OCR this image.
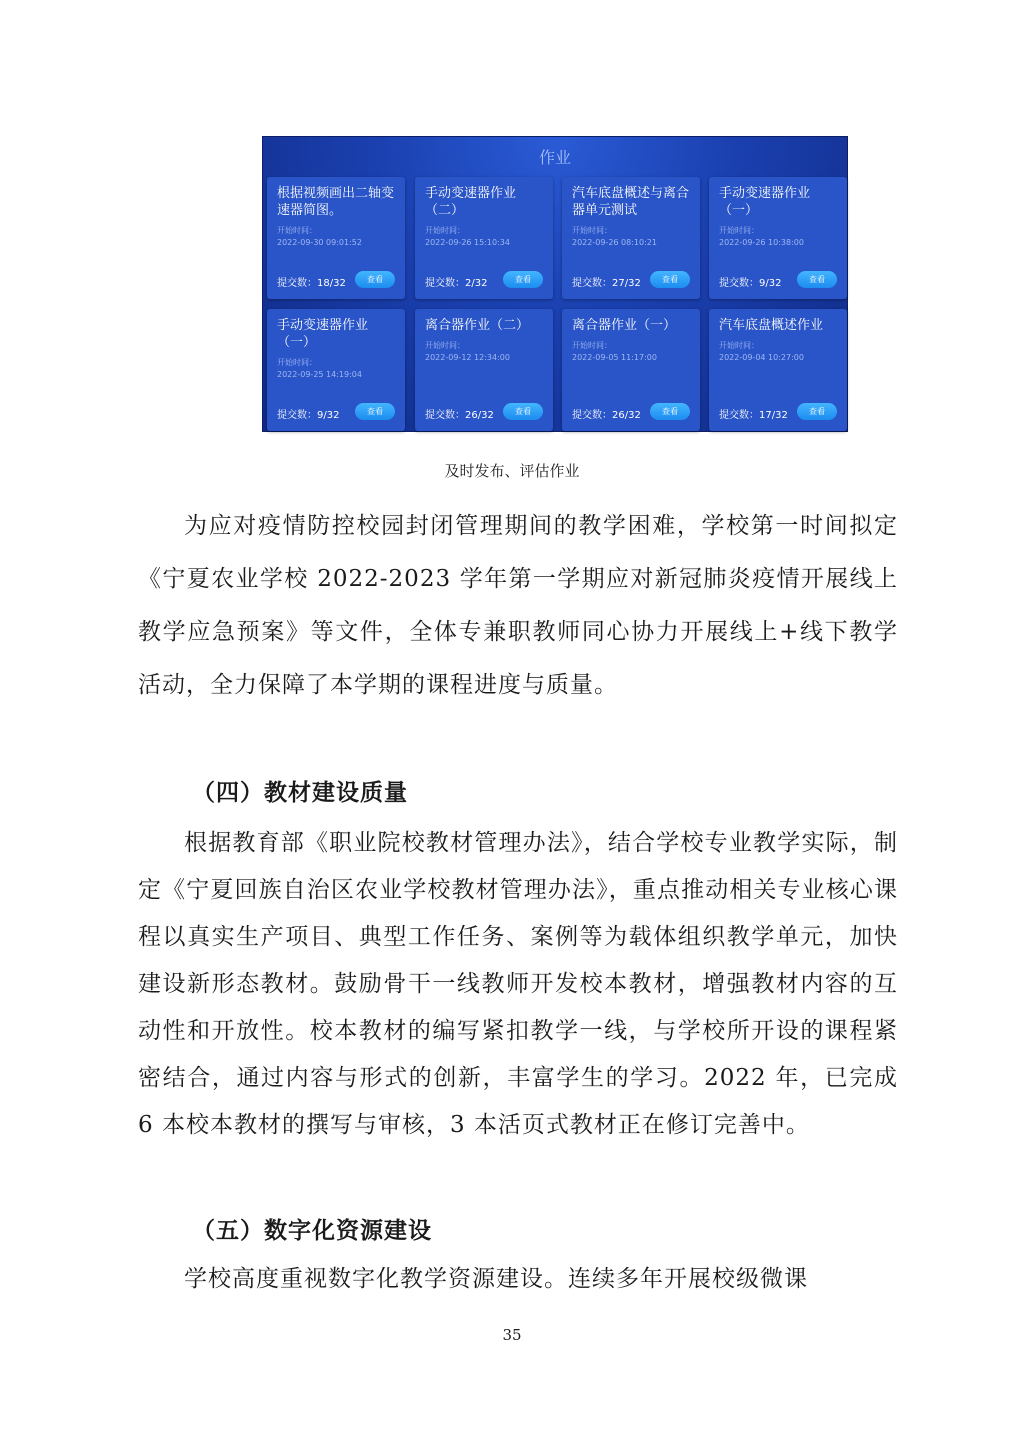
作业
根据视频画出二轴变速器简图。
开始时间：
2022-09-30 09:01:52
提交数：18/32	查看
手动变速器作业（二）
开始时间：
2022-09-26 15:10:34
提交数：2/32	查看
汽车底盘概述与离合器单元测试
开始时间：
2022-09-26 08:10:21
提交数：27/32	查看
手动变速器作业（一）
开始时间：
2022-09-26 10:38:00
提交数：9/32	查看
手动变速器作业（一）
开始时间：
2022-09-25 14:19:04
提交数：9/32	查看
离合器作业（二）
开始时间：
2022-09-12 12:34:00
提交数：26/32	查看
离合器作业（一）
开始时间：
2022-09-05 11:17:00
提交数：26/32	查看
汽车底盘概述作业
开始时间：
2022-09-04 10:27:00
提交数：17/32	查看
及时发布、评估作业

为应对疫情防控校园封闭管理期间的教学困难，学校第一时间拟定《宁夏农业学校 2022-2023 学年第一学期应对新冠肺炎疫情开展线上教学应急预案》等文件，全体专兼职教师同心协力开展线上+线下教学活动，全力保障了本学期的课程进度与质量。

（四）教材建设质量

根据教育部《职业院校教材管理办法》，结合学校专业教学实际，制定《宁夏回族自治区农业学校教材管理办法》，重点推动相关专业核心课程以真实生产项目、典型工作任务、案例等为载体组织教学单元，加快建设新形态教材。鼓励骨干一线教师开发校本教材，增强教材内容的互动性和开放性。校本教材的编写紧扣教学一线，与学校所开设的课程紧密结合，通过内容与形式的创新，丰富学生的学习。2022 年，已完成 6 本校本教材的撰写与审核，3 本活页式教材正在修订完善中。

（五）数字化资源建设

学校高度重视数字化教学资源建设。连续多年开展校级微课

35
